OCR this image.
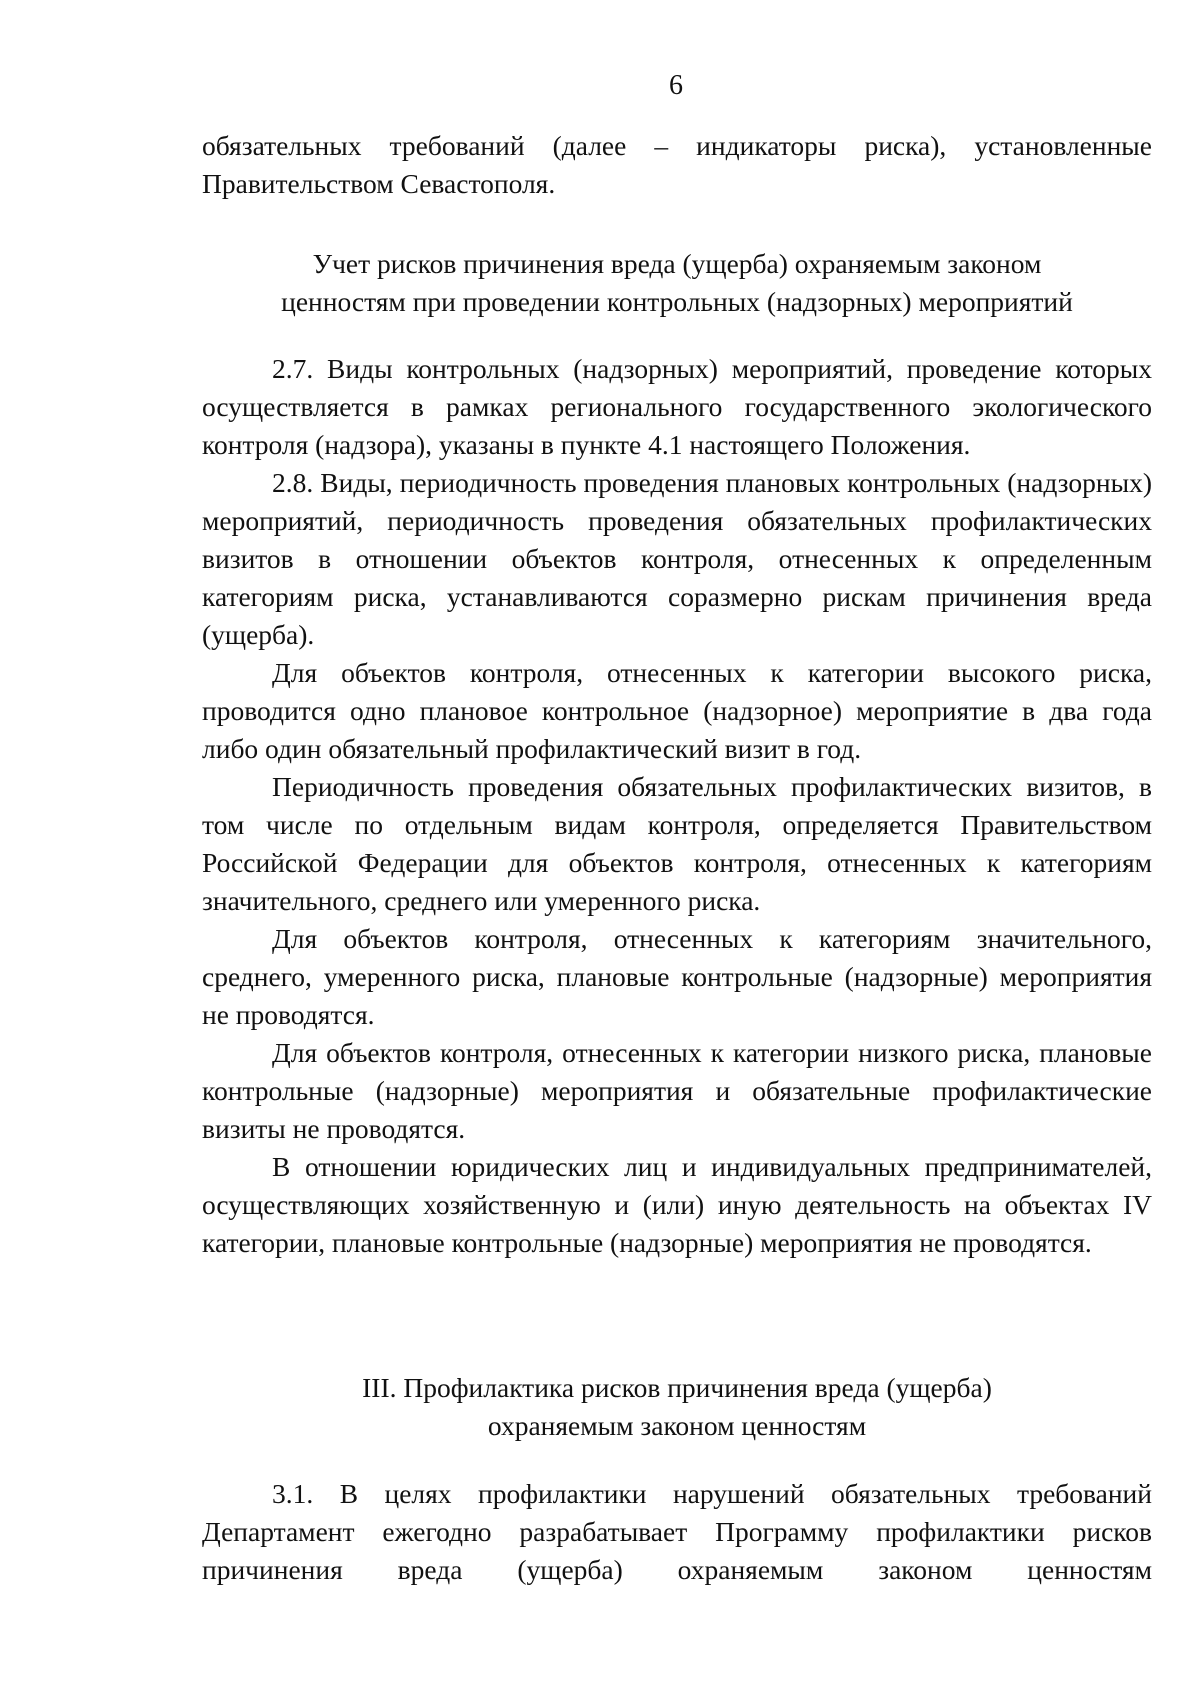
6

обязательных требований (далее – индикаторы риска), установленные

Правительством Севастополя.

Учет рисков причинения вреда (ущерба) охраняемым законом

ценностям при проведении контрольных (надзорных) мероприятий

2.7. Виды контрольных (надзорных) мероприятий, проведение которых осуществляется в рамках регионального государственного экологического контроля (надзора), указаны в пункте 4.1 настоящего Положения.

2.8. Виды, периодичность проведения плановых контрольных (надзорных) мероприятий, периодичность проведения обязательных профилактических визитов в отношении объектов контроля, отнесенных к определенным категориям риска, устанавливаются соразмерно рискам причинения вреда (ущерба).

Для объектов контроля, отнесенных к категории высокого риска, проводится одно плановое контрольное (надзорное) мероприятие в два года либо один обязательный профилактический визит в год.

Периодичность проведения обязательных профилактических визитов, в том числе по отдельным видам контроля, определяется Правительством Российской Федерации для объектов контроля, отнесенных к категориям значительного, среднего или умеренного риска.

Для объектов контроля, отнесенных к категориям значительного, среднего, умеренного риска, плановые контрольные (надзорные) мероприятия не проводятся.

Для объектов контроля, отнесенных к категории низкого риска, плановые контрольные (надзорные) мероприятия и обязательные профилактические визиты не проводятся.

В отношении юридических лиц и индивидуальных предпринимателей, осуществляющих хозяйственную и (или) иную деятельность на объектах IV категории, плановые контрольные (надзорные) мероприятия не проводятся.

III. Профилактика рисков причинения вреда (ущерба)

охраняемым законом ценностям

3.1. В целях профилактики нарушений обязательных требований Департамент ежегодно разрабатывает Программу профилактики рисков причинения вреда (ущерба) охраняемым законом ценностям
